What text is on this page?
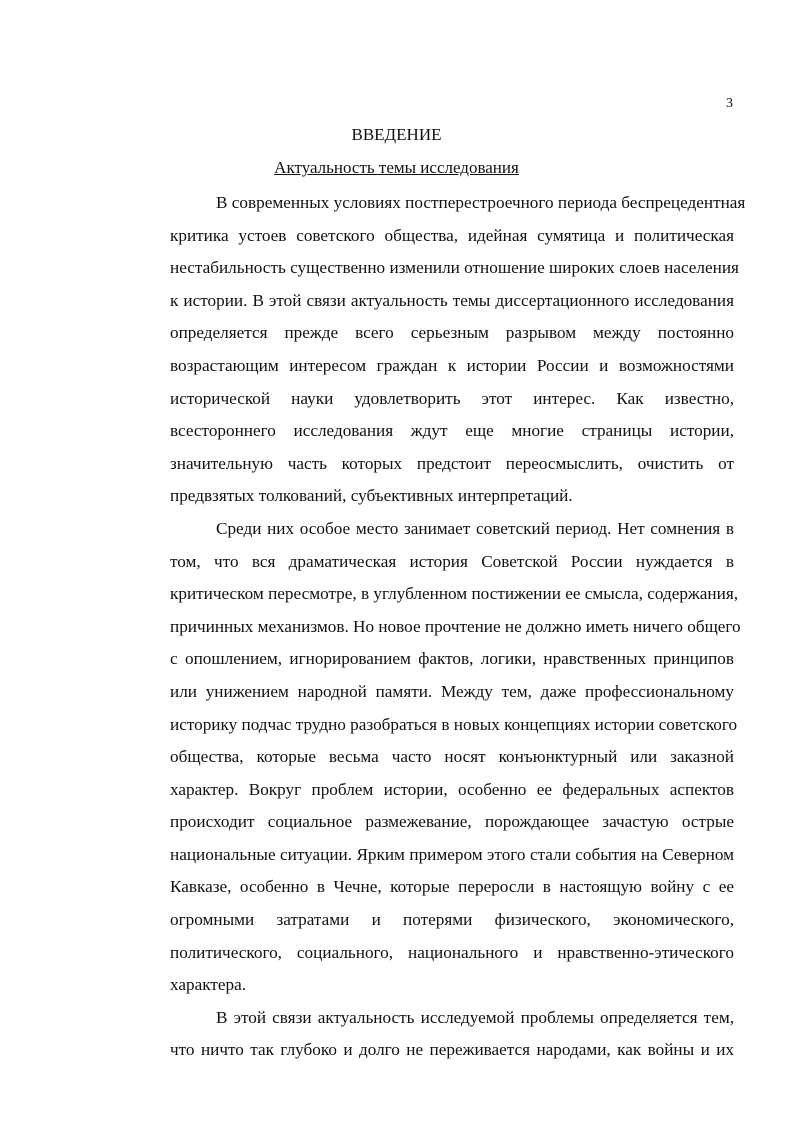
3
ВВЕДЕНИЕ
Актуальность темы исследования
В современных условиях постперестроечного периода беспрецедентная
критика устоев советского общества, идейная сумятица и политическая
нестабильность существенно изменили отношение широких слоев населения
к истории. В этой связи актуальность темы диссертационного исследования
определяется прежде всего серьезным разрывом между постоянно
возрастающим интересом граждан к истории России и возможностями
исторической науки удовлетворить этот интерес. Как известно,
всестороннего исследования ждут еще многие страницы истории,
значительную часть которых предстоит переосмыслить, очистить от
предвзятых толкований, субъективных интерпретаций.
Среди них особое место занимает советский период. Нет сомнения в
том, что вся драматическая история Советской России нуждается в
критическом пересмотре, в углубленном постижении ее смысла, содержания,
причинных механизмов. Но новое прочтение не должно иметь ничего общего
с опошлением, игнорированием фактов, логики, нравственных принципов
или унижением народной памяти. Между тем, даже профессиональному
историку подчас трудно разобраться в новых концепциях истории советского
общества, которые весьма часто носят конъюнктурный или заказной
характер. Вокруг проблем истории, особенно ее федеральных аспектов
происходит социальное размежевание, порождающее зачастую острые
национальные ситуации. Ярким примером этого стали события на Северном
Кавказе, особенно в Чечне, которые переросли в настоящую войну с ее
огромными затратами и потерями физического, экономического,
политического, социального, национального и нравственно-этического
характера.
В этой связи актуальность исследуемой проблемы определяется тем,
что ничто так глубоко и долго не переживается народами, как войны и их
